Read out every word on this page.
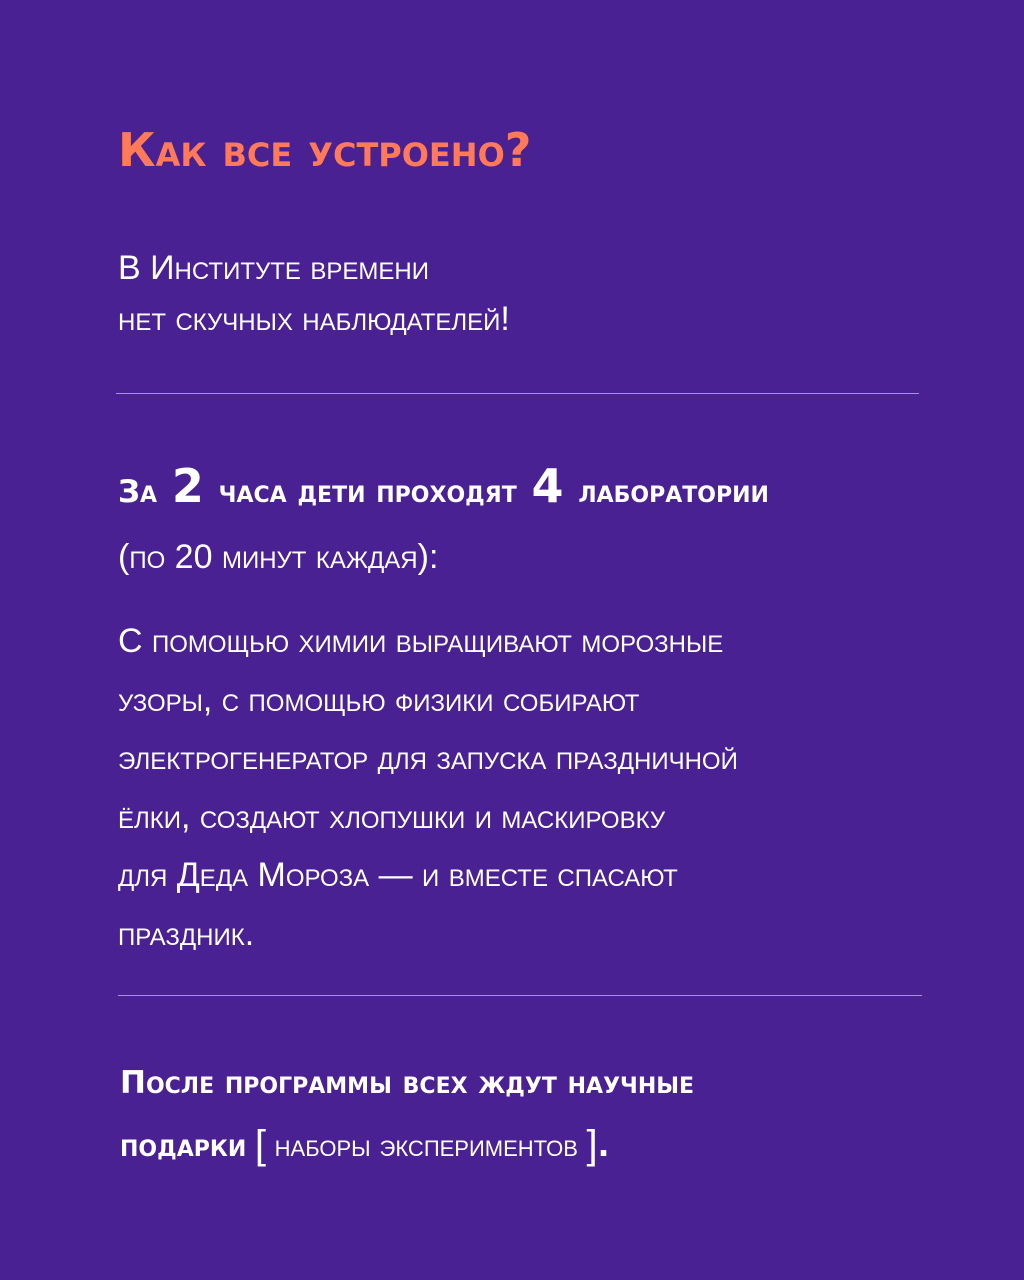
Как все устроено?
В Институте времени
нет скучных наблюдателей!
За 2 часа дети проходят 4 лаборатории
(по 20 минут каждая):
С помощью химии выращивают морозные
узоры, с помощью физики собирают
электрогенератор для запуска праздничной
ёлки, создают хлопушки и маскировку
для Деда Мороза — и вместе спасают
праздник.
После программы всех ждут научные
подарки [ наборы экспериментов ].
